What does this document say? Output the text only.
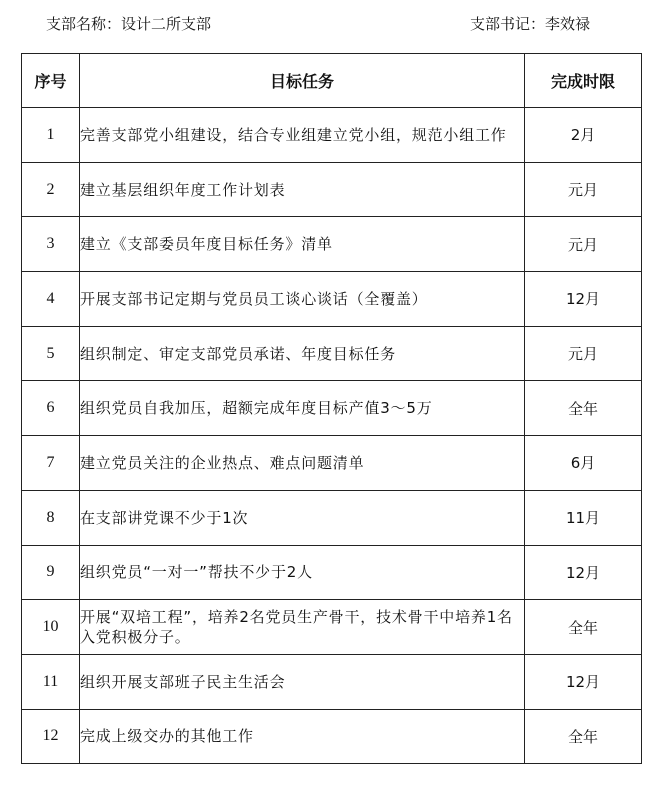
支部名称：设计二所支部	支部书记：李效禄
序号	目标任务	完成时限
1	完善支部党小组建设，结合专业组建立党小组，规范小组工作	2月
2	建立基层组织年度工作计划表	元月
3	建立《支部委员年度目标任务》清单	元月
4	开展支部书记定期与党员员工谈心谈话（全覆盖）	12月
5	组织制定、审定支部党员承诺、年度目标任务	元月
6	组织党员自我加压，超额完成年度目标产值3～5万	全年
7	建立党员关注的企业热点、难点问题清单	6月
8	在支部讲党课不少于1次	11月
9	组织党员“一对一”帮扶不少于2人	12月
10	开展“双培工程”，培养2名党员生产骨干，技术骨干中培养1名入党积极分子。	全年
11	组织开展支部班子民主生活会	12月
12	完成上级交办的其他工作	全年
